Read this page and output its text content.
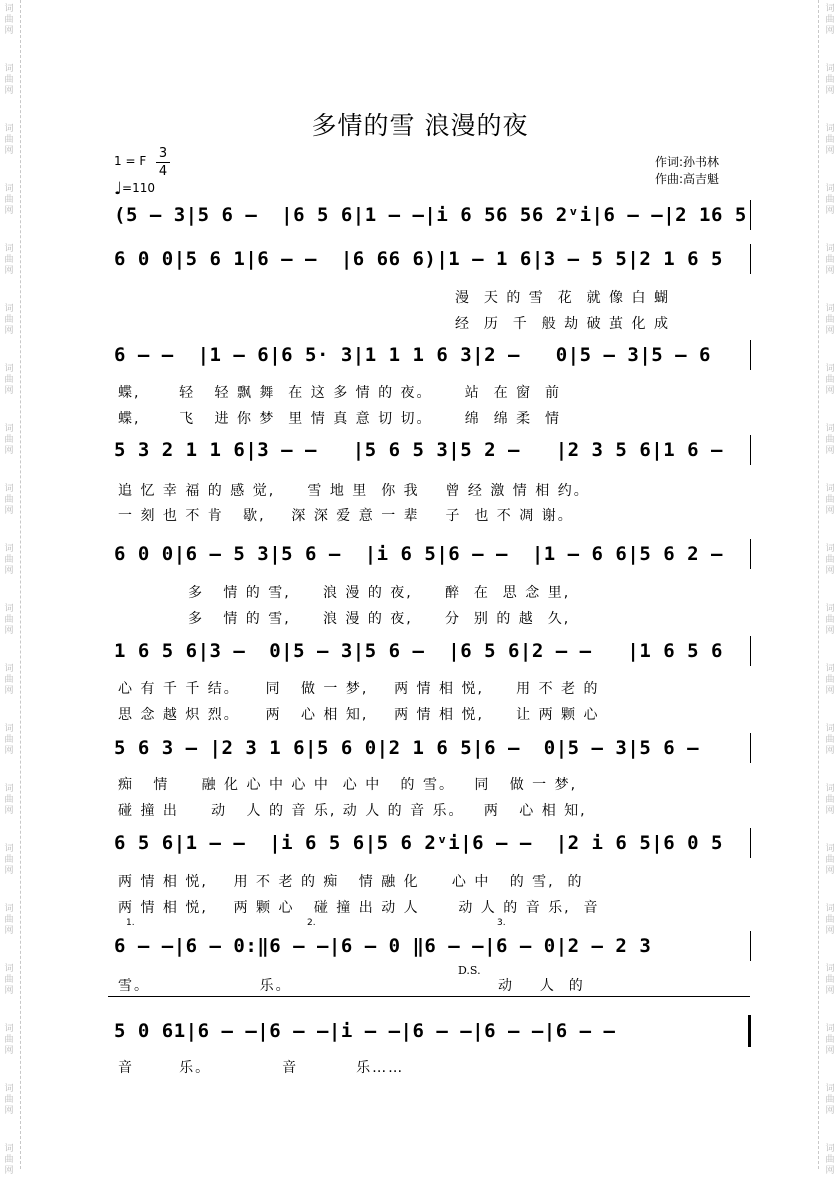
词
曲
网
词
曲
网
词
曲
网
词
曲
网
词
曲
网
词
曲
网
词
曲
网
词
曲
网
词
曲
网
词
曲
网
词
曲
网
词
曲
网
词
曲
网
词
曲
网
词
曲
网
词
曲
网
词
曲
网
词
曲
网
词
曲
网
词
曲
网
词
曲
网
词
曲
网
词
曲
网
词
曲
网
词
曲
网
词
曲
网
词
曲
网
词
曲
网
词
曲
网
词
曲
网
词
曲
网
词
曲
网
词
曲
网
词
曲
网
词
曲
网
词
曲
网
词
曲
网
词
曲
网
词
曲
网
词
曲
网
多情的雪 浪漫的夜
1 = F 3
4
♩=110
作词:孙书林
作曲:高吉魁
(5 – 3|5 6 –  |6 5 6|1 – –|i 6 56 56 2ᵛi|6 – –|2 16 5
6 0 0|5 6 1|6 – –  |6 66 6)|1 – 1 6|3 – 5 5|2 1 6 5
6 – –  |1 – 6|6 5· 3|1 1 1 6 3|2 –   0|5 – 3|5 – 6
5 3 2 1 1 6|3 – –   |5 6 5 3|5 2 –   |2 3 5 6|1 6 –
6 0 0|6 – 5 3|5 6 –  |i 6 5|6 – –  |1 – 6 6|5 6 2 –
1 6 5 6|3 –  0|5 – 3|5 6 –  |6 5 6|2 – –   |1 6 5 6
5 6 3 – |2 3 1 6|5 6 0|2 1 6 5|6 –  0|5 – 3|5 6 –
6 5 6|1 – –  |i 6 5 6|5 6 2ᵛi|6 – –  |2 i 6 5|6 0 5
6 – –|6 – 0:‖6 – –|6 – 0 ‖6 – –|6 – 0|2 – 2 3
5 0 61|6 – –|6 – –|i – –|6 – –|6 – –|6 – –
漫  天 的 雪  花  就 像 白 蝴
经  历  千  般 劫 破 茧 化 成
蝶,      轻   轻 飘 舞  在 这 多 情 的 夜。     站  在 窗  前
蝶,      飞   进 你 梦  里 情 真 意 切 切。     绵  绵 柔  情
追 忆 幸 福 的 感 觉,     雪 地 里  你 我    曾 经 激 情 相 约。
一 刻 也 不 肯   歇,    深 深 爱 意 一 辈    子  也 不 凋 谢。
多   情 的 雪,     浪 漫 的 夜,     醉  在  思 念 里,
多   情 的 雪,     浪 漫 的 夜,     分  别 的 越  久,
心 有 千 千 结。    同   做 一 梦,    两 情 相 悦,     用 不 老 的
思 念 越 炽 烈。    两   心 相 知,    两 情 相 悦,     让 两 颗 心
痴   情     融 化 心 中 心 中  心 中   的 雪。   同   做 一 梦,
碰 撞 出     动   人 的 音 乐, 动 人 的 音 乐。   两   心 相 知,
两 情 相 悦,    用 不 老 的 痴   情 融 化     心 中   的 雪,  的
两 情 相 悦,    两 颗 心   碰 撞 出 动 人      动 人 的 音 乐,  音
雪。                 乐。                                动    人  的
音       乐。           音         乐……
1.	2.	3.
D.S.
